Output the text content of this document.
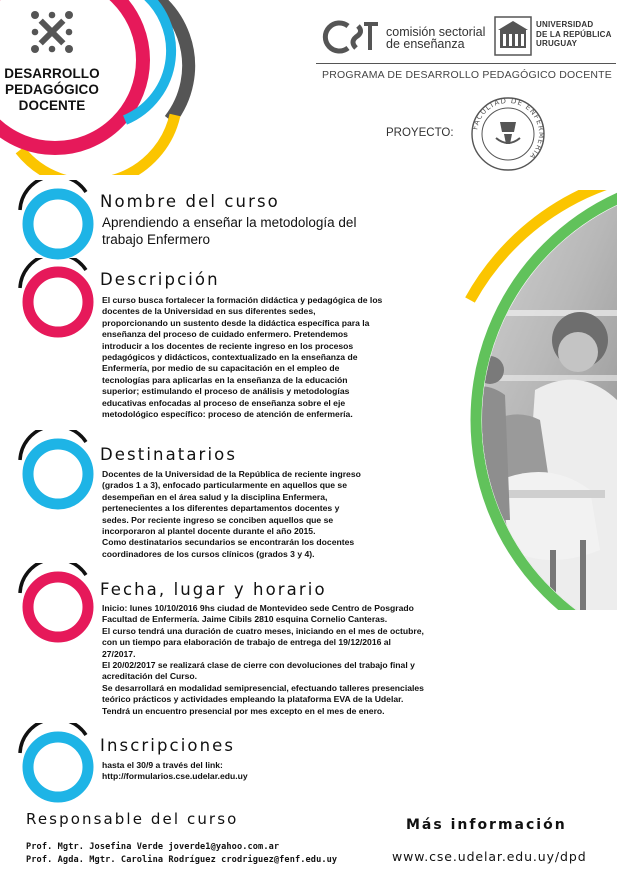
DESARROLLO
PEDAGÓGICO
DOCENTE
comisión sectorial
de enseñanza
UNIVERSIDAD
DE LA REPÚBLICA
URUGUAY
PROGRAMA DE DESARROLLO PEDAGÓGICO DOCENTE
PROYECTO: FACULTAD DE ENFERMERIA
Nombre del curso
Aprendiendo a enseñar la metodología del
trabajo Enfermero
Descripción
El curso busca fortalecer la formación didáctica y pedagógica de los
docentes de la Universidad en sus diferentes sedes,
proporcionando un sustento desde la didáctica específica para la
enseñanza del proceso de cuidado enfermero. Pretendemos
introducir a los docentes de reciente ingreso en los procesos
pedagógicos y didácticos, contextualizado en la enseñanza de
Enfermería, por medio de su capacitación en el empleo de
tecnologías para aplicarlas en la enseñanza de la educación
superior; estimulando el proceso de análisis y metodologías
educativas enfocadas al proceso de enseñanza sobre el eje
metodológico específico: proceso de atención de enfermería.
Destinatarios
Docentes de la Universidad de la República de reciente ingreso
(grados 1 a 3), enfocado particularmente en aquellos que se
desempeñan en el área salud y la disciplina Enfermera,
pertenecientes a los diferentes departamentos docentes y
sedes. Por reciente ingreso se conciben aquellos que se
incorporaron al plantel docente durante el año 2015.
Como destinatarios secundarios se encontrarán los docentes
coordinadores de los cursos clínicos (grados 3 y 4).
Fecha, lugar y horario
Inicio: lunes 10/10/2016 9hs ciudad de Montevideo sede Centro de Posgrado
Facultad de Enfermería. Jaime Cibils 2810 esquina Cornelio Canteras.
El curso tendrá una duración de cuatro meses, iniciando en el mes de octubre,
con un tiempo para elaboración de trabajo de entrega del 19/12/2016 al
27/2017.
El 20/02/2017 se realizará clase de cierre con devoluciones del trabajo final y
acreditación del Curso.
Se desarrollará en modalidad semipresencial, efectuando talleres presenciales
teórico prácticos y actividades empleando la plataforma EVA de la Udelar.
Tendrá un encuentro presencial por mes excepto en el mes de enero.
Inscripciones
hasta el 30/9 a través del link:
http://formularios.cse.udelar.edu.uy
Responsable del curso
Prof. Mgtr. Josefina Verde joverde1@yahoo.com.ar
Prof. Agda. Mgtr. Carolina Rodríguez crodriguez@fenf.edu.uy
Más información
www.cse.udelar.edu.uy/dpd
